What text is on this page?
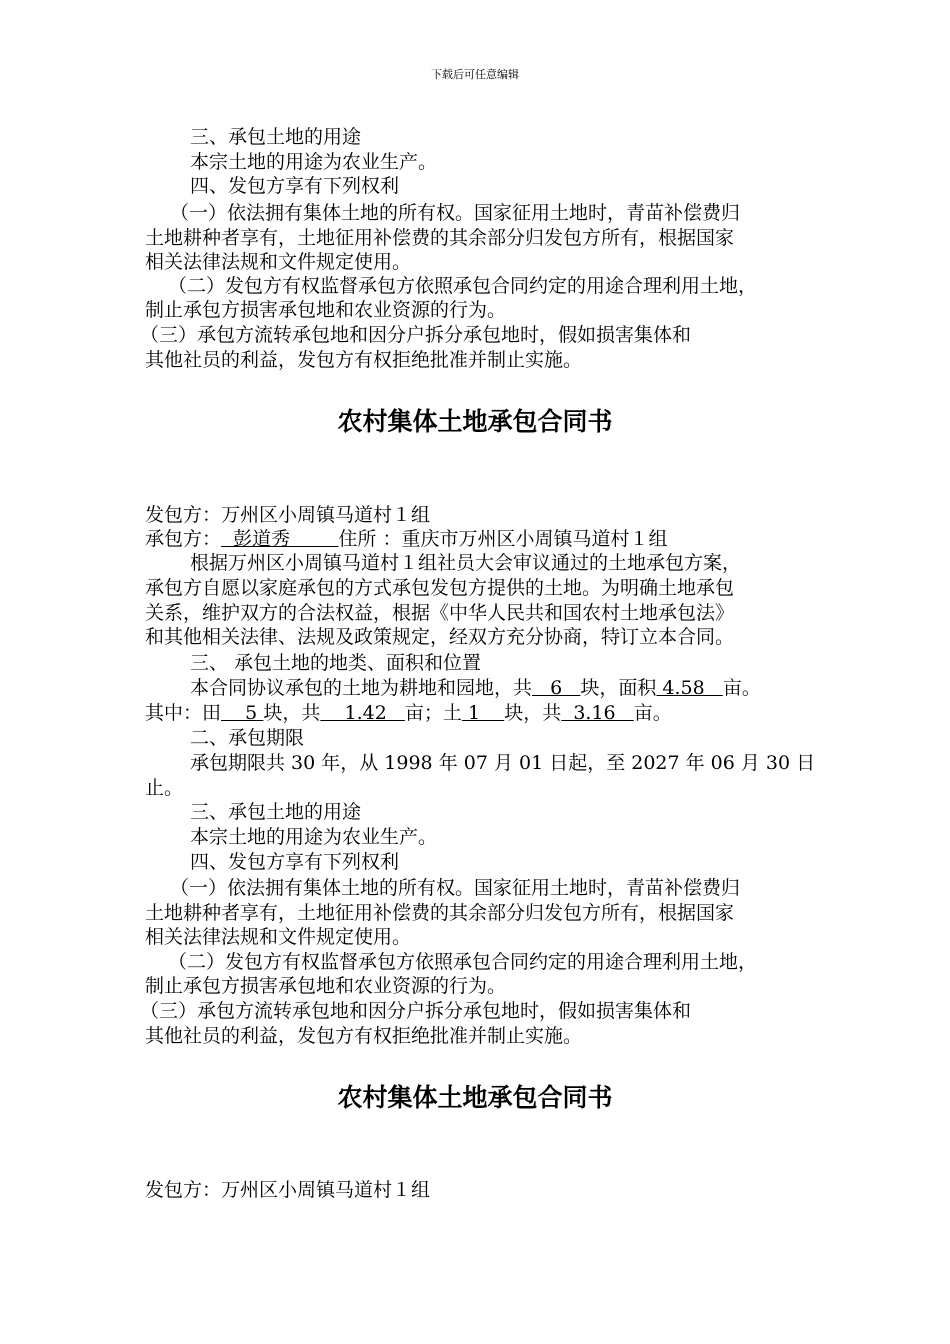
下载后可任意编辑
三、承包土地的用途
本宗土地的用途为农业生产。
四、发包方享有下列权利
（一）依法拥有集体土地的所有权。国家征用土地时，青苗补偿费归
土地耕种者享有，土地征用补偿费的其余部分归发包方所有，根据国家
相关法律法规和文件规定使用。
（二）发包方有权监督承包方依照承包合同约定的用途合理利用土地，
制止承包方损害承包地和农业资源的行为。
（三）承包方流转承包地和因分户拆分承包地时，假如损害集体和
其他社员的利益，发包方有权拒绝批准并制止实施。
农村集体土地承包合同书
发包方：万州区小周镇马道村１组
承包方：  彭道秀        住所 ：重庆市万州区小周镇马道村１组
根据万州区小周镇马道村１组社员大会审议通过的土地承包方案，
承包方自愿以家庭承包的方式承包发包方提供的土地。为明确土地承包
关系，维护双方的合法权益，根据《中华人民共和国农村土地承包法》
和其他相关法律、法规及政策规定，经双方充分协商，特订立本合同。
三、 承包土地的地类、面积和位置
本合同协议承包的土地为耕地和园地，共   6   块，面积 4.58   亩。
其中：田    5 块，共    1.42   亩；土 1    块，共  3.16   亩。
二、承包期限
承包期限共 30 年，从 1998 年 07 月 01 日起，至 2027 年 06 月 30 日
止。
三、承包土地的用途
本宗土地的用途为农业生产。
四、发包方享有下列权利
（一）依法拥有集体土地的所有权。国家征用土地时，青苗补偿费归
土地耕种者享有，土地征用补偿费的其余部分归发包方所有，根据国家
相关法律法规和文件规定使用。
（二）发包方有权监督承包方依照承包合同约定的用途合理利用土地，
制止承包方损害承包地和农业资源的行为。
（三）承包方流转承包地和因分户拆分承包地时，假如损害集体和
其他社员的利益，发包方有权拒绝批准并制止实施。
农村集体土地承包合同书
发包方：万州区小周镇马道村１组
